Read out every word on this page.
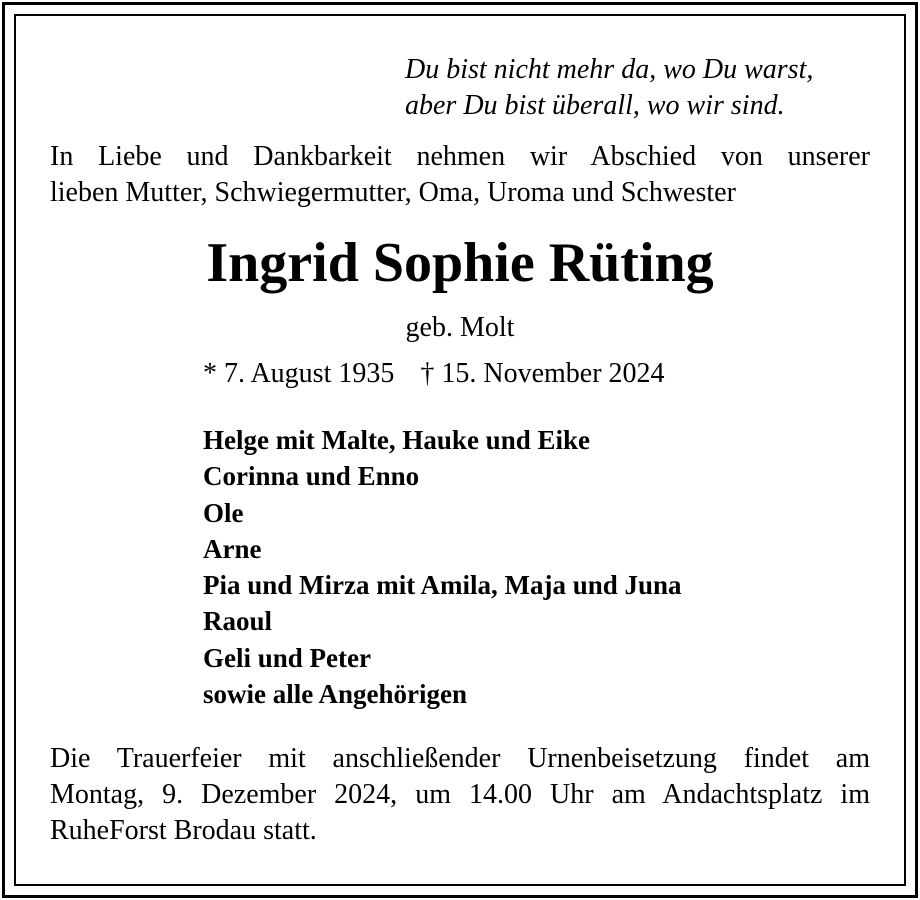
Du bist nicht mehr da, wo Du warst,
aber Du bist überall, wo wir sind.
In Liebe und Dankbarkeit nehmen wir Abschied von unserer
lieben Mutter, Schwiegermutter, Oma, Uroma und Schwester
Ingrid Sophie Rüting
geb. Molt
* 7. August 1935 † 15. November 2024
Helge mit Malte, Hauke und Eike
Corinna und Enno
Ole
Arne
Pia und Mirza mit Amila, Maja und Juna
Raoul
Geli und Peter
sowie alle Angehörigen
Die Trauerfeier mit anschließender Urnenbeisetzung findet am
Montag, 9. Dezember 2024, um 14.00 Uhr am Andachtsplatz im
RuheForst Brodau statt.
